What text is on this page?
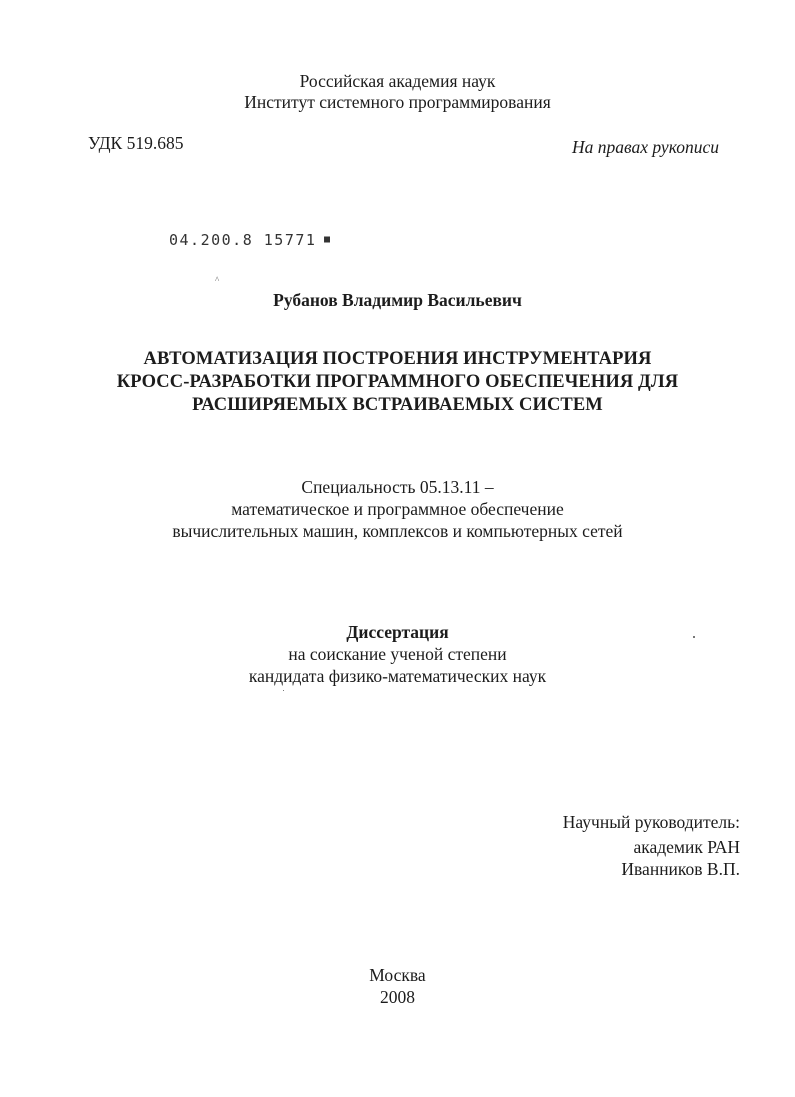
Российская академия наук
Институт системного программирования
УДК 519.685	На правах рукописи
04.200.8 15771 ■
^
Рубанов Владимир Васильевич
АВТОМАТИЗАЦИЯ ПОСТРОЕНИЯ ИНСТРУМЕНТАРИЯ
КРОСС-РАЗРАБОТКИ ПРОГРАММНОГО ОБЕСПЕЧЕНИЯ ДЛЯ
РАСШИРЯЕМЫХ ВСТРАИВАЕМЫХ СИСТЕМ
Специальность 05.13.11 –
математическое и программное обеспечение
вычислительных машин, комплексов и компьютерных сетей
Диссертация
на соискание ученой степени
кандидата физико-математических наук
Научный руководитель:
академик РАН
Иванников В.П.
Москва
2008
